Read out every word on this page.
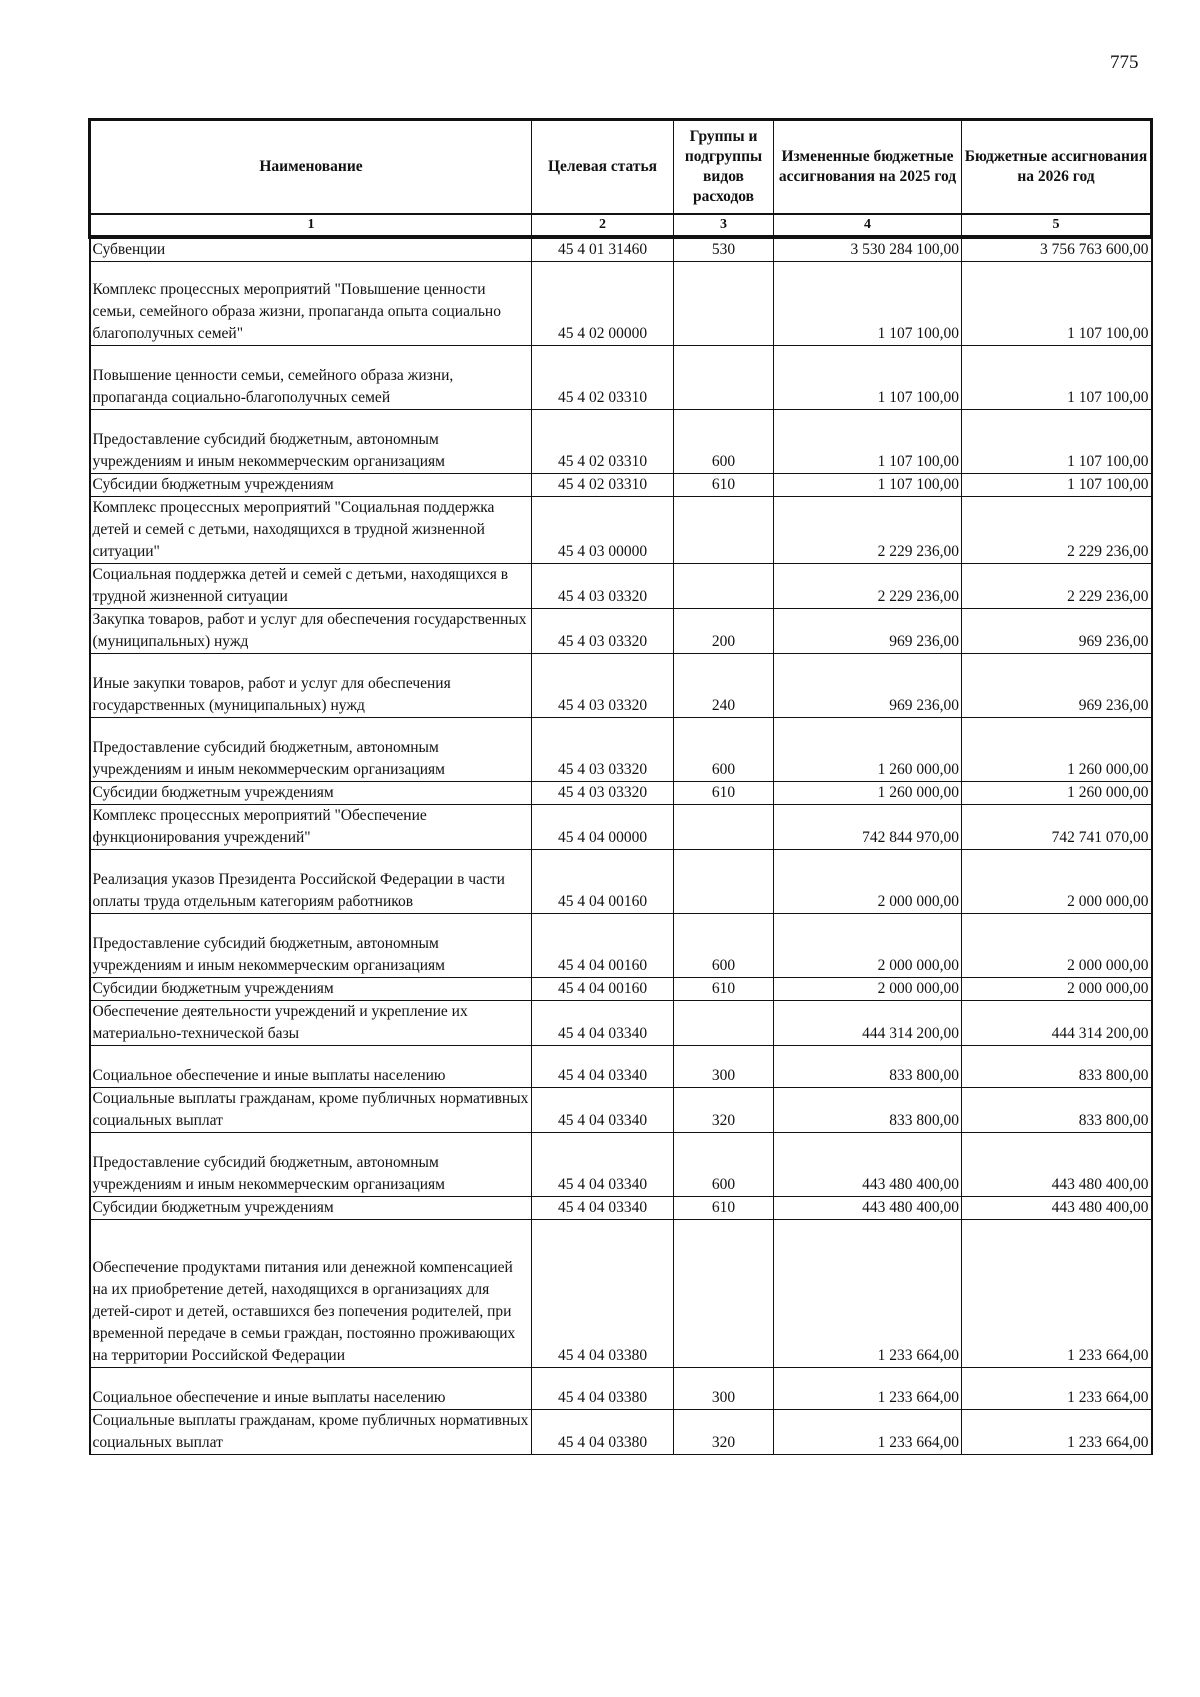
775
Наименование	Целевая статья	Группы и подгруппы видов расходов	Измененные бюджетные ассигнования на 2025 год	Бюджетные ассигнования на 2026 год
1	2	3	4	5
Субвенции	45 4 01 31460	530	3 530 284 100,00	3 756 763 600,00
Комплекс процессных мероприятий "Повышение ценности семьи, семейного образа жизни, пропаганда опыта социально благополучных семей"	45 4 02 00000		1 107 100,00	1 107 100,00
Повышение ценности семьи, семейного образа жизни, пропаганда социально-благополучных семей	45 4 02 03310		1 107 100,00	1 107 100,00
Предоставление субсидий бюджетным, автономным учреждениям и иным некоммерческим организациям	45 4 02 03310	600	1 107 100,00	1 107 100,00
Субсидии бюджетным учреждениям	45 4 02 03310	610	1 107 100,00	1 107 100,00
Комплекс процессных мероприятий "Социальная поддержка детей и семей с детьми, находящихся в трудной жизненной ситуации"	45 4 03 00000		2 229 236,00	2 229 236,00
Социальная поддержка детей и семей с детьми, находящихся в трудной жизненной ситуации	45 4 03 03320		2 229 236,00	2 229 236,00
Закупка товаров, работ и услуг для обеспечения государственных (муниципальных) нужд	45 4 03 03320	200	969 236,00	969 236,00
Иные закупки товаров, работ и услуг для обеспечения государственных (муниципальных) нужд	45 4 03 03320	240	969 236,00	969 236,00
Предоставление субсидий бюджетным, автономным учреждениям и иным некоммерческим организациям	45 4 03 03320	600	1 260 000,00	1 260 000,00
Субсидии бюджетным учреждениям	45 4 03 03320	610	1 260 000,00	1 260 000,00
Комплекс процессных мероприятий "Обеспечение функционирования учреждений"	45 4 04 00000		742 844 970,00	742 741 070,00
Реализация указов Президента Российской Федерации в части оплаты труда отдельным категориям работников	45 4 04 00160		2 000 000,00	2 000 000,00
Предоставление субсидий бюджетным, автономным учреждениям и иным некоммерческим организациям	45 4 04 00160	600	2 000 000,00	2 000 000,00
Субсидии бюджетным учреждениям	45 4 04 00160	610	2 000 000,00	2 000 000,00
Обеспечение деятельности учреждений и укрепление их материально-технической базы	45 4 04 03340		444 314 200,00	444 314 200,00
Социальное обеспечение и иные выплаты населению	45 4 04 03340	300	833 800,00	833 800,00
Социальные выплаты гражданам, кроме публичных нормативных социальных выплат	45 4 04 03340	320	833 800,00	833 800,00
Предоставление субсидий бюджетным, автономным учреждениям и иным некоммерческим организациям	45 4 04 03340	600	443 480 400,00	443 480 400,00
Субсидии бюджетным учреждениям	45 4 04 03340	610	443 480 400,00	443 480 400,00
Обеспечение продуктами питания или денежной компенсацией на их приобретение детей, находящихся в организациях для детей-сирот и детей, оставшихся без попечения родителей, при временной передаче в семьи граждан, постоянно проживающих на территории Российской Федерации	45 4 04 03380		1 233 664,00	1 233 664,00
Социальное обеспечение и иные выплаты населению	45 4 04 03380	300	1 233 664,00	1 233 664,00
Социальные выплаты гражданам, кроме публичных нормативных социальных выплат	45 4 04 03380	320	1 233 664,00	1 233 664,00
